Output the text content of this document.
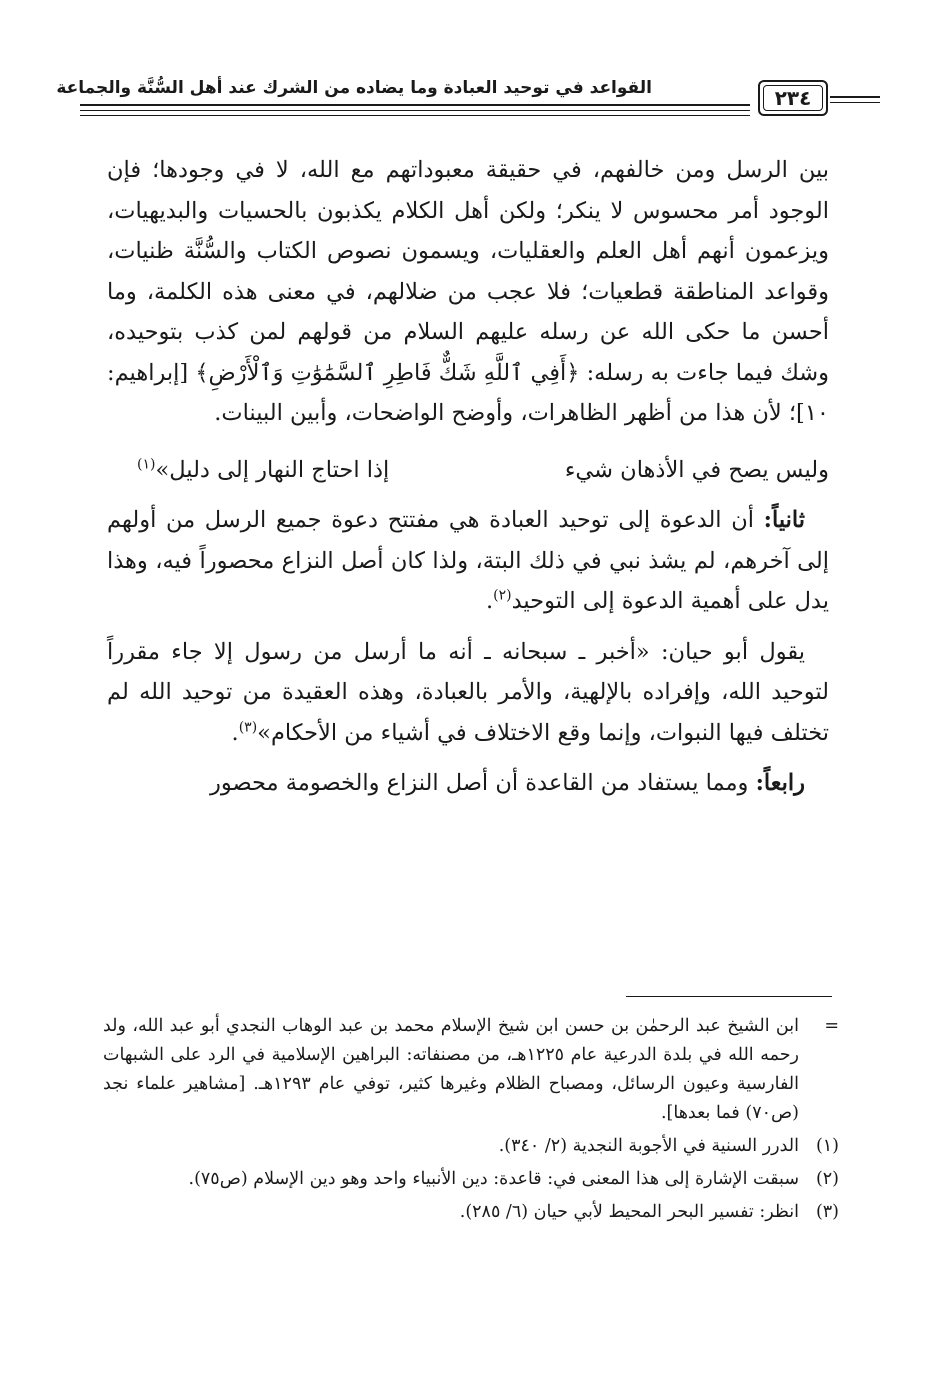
٢٣٤
القواعد في توحيد العبادة وما يضاده من الشرك عند أهل السُّنَّة والجماعة

بين الرسل ومن خالفهم، في حقيقة معبوداتهم مع الله، لا في وجودها؛ فإن الوجود أمر محسوس لا ينكر؛ ولكن أهل الكلام يكذبون بالحسيات والبديهيات، ويزعمون أنهم أهل العلم والعقليات، ويسمون نصوص الكتاب والسُّنَّة ظنيات، وقواعد المناطقة قطعيات؛ فلا عجب من ضلالهم، في معنى هذه الكلمة، وما أحسن ما حكى الله عن رسله عليهم السلام من قولهم لمن كذب بتوحيده، وشك فيما جاءت به رسله: ﴿أَفِي ٱللَّهِ شَكٌّ فَاطِرِ ٱلسَّمَٰوَٰتِ وَٱلْأَرْضِ﴾ [إبراهيم: ١٠]؛ لأن هذا من أظهر الظاهرات، وأوضح الواضحات، وأبين البينات.

وليس يصح في الأذهان شيء
إذا احتاج النهار إلى دليل»$^{(١)}$

ثانياً: أن الدعوة إلى توحيد العبادة هي مفتتح دعوة جميع الرسل من أولهم إلى آخرهم، لم يشذ نبي في ذلك البتة، ولذا كان أصل النزاع محصوراً فيه، وهذا يدل على أهمية الدعوة إلى التوحيد$^{(٢)}$.

يقول أبو حيان: «أخبر ـ سبحانه ـ أنه ما أرسل من رسول إلا جاء مقرراً لتوحيد الله، وإفراده بالإلهية، والأمر بالعبادة، وهذه العقيدة من توحيد الله لم تختلف فيها النبوات، وإنما وقع الاختلاف في أشياء من الأحكام»$^{(٣)}$.

رابعاً: ومما يستفاد من القاعدة أن أصل النزاع والخصومة محصور

=
ابن الشيخ عبد الرحمٰن بن حسن ابن شيخ الإسلام محمد بن عبد الوهاب النجدي أبو عبد الله، ولد رحمه الله في بلدة الدرعية عام ١٢٢٥هـ، من مصنفاته: البراهين الإسلامية في الرد على الشبهات الفارسية وعيون الرسائل، ومصباح الظلام وغيرها كثير، توفي عام ١٢٩٣هـ. [مشاهير علماء نجد (ص٧٠) فما بعدها].
(١)
الدرر السنية في الأجوبة النجدية (٢/ ٣٤٠).
(٢)
سبقت الإشارة إلى هذا المعنى في: قاعدة: دين الأنبياء واحد وهو دين الإسلام (ص٧٥).
(٣)
انظر: تفسير البحر المحيط لأبي حيان (٦/ ٢٨٥).
